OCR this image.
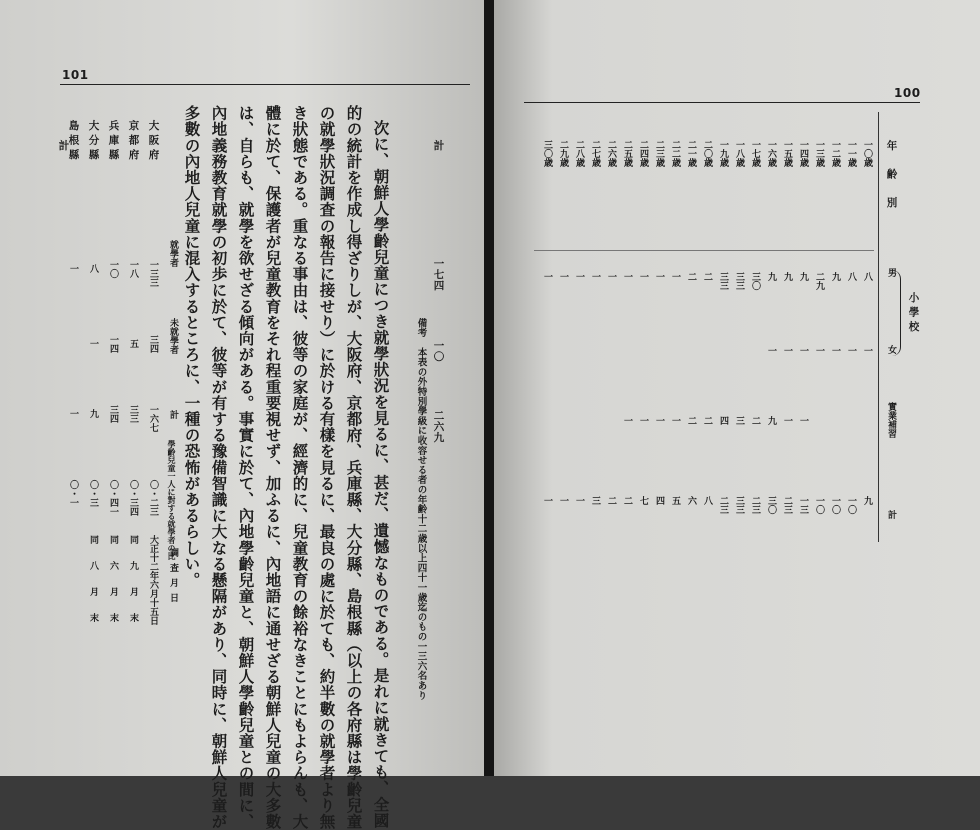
101
次に、朝鮮人學齡兒童につき就學狀況を見るに、甚だ、遺憾なものである。是れに就きても、全國
的の統計を作成し得ざりしが、大阪府、京都府、兵庫縣、大分縣、島根縣（以上の各府縣は學齡兒童
の就學狀況調査の報告に接せり）に於ける有樣を見るに、最良の處に於ても、約半數の就學者より無
き狀態である。重なる事由は、彼等の家庭が、經濟的に、兒童教育の餘裕なきことにもよらんも、大
體に於て、保護者が兒童教育をそれ程重要視せず、加ふるに、內地語に通せざる朝鮮人兒童の大多數
は、自らも、就學を欲せざる傾向がある。事實に於て、內地學齡兒童と、朝鮮人學齡兒童との間に、
內地義務教育就學の初歩に於て、彼等が有する豫備智識に大なる懸隔があり、同時に、朝鮮人兒童が
多數の內地人兒童に混入するところに、一種の恐怖があるらしい。	備考　本表の外特別學級に收容せる者の年齢十二歳以上四十一歳迄のもの一三六名あり
計
一七四
一〇
二六九
大阪府
京都府
兵庫縣
大分縣
島根縣
計
就學者
未就學者
計
學齡兒童一人に對する就學者の比
調査月日
一三三
一八
一〇
八
一
三四
五
一四
一
一六七
三三
三四
九
一
〇・二三
〇・三四
〇・四一
〇・三
〇・一
大正十二年六月十五日
同　九　月　末
同　六　月　末
同　八　月　末
100
年齢別
男
小學校
女
實業補習
計
一〇歳
八
一
九
一一歳
八
一
一〇
一二歳
九
一
一〇
一三歳
二九
一
一〇
一四歳
九
一
一
一三
一五歳
九
一
一
二三
一六歳
九
一
九
三〇
一七歳
三〇
二
二三
一八歳
三三
三
三三
一九歳
三三
四
二三
二〇歳
二
二
八
二一歳
二
二
六
二二歳
一
一
五
二三歳
一
一
四
二四歳
一
一
七
二五歳
一
一
二
二六歳
一
二
二七歳
一
三
二八歳
一
一
二九歳
一
一
三〇歳
一
一
